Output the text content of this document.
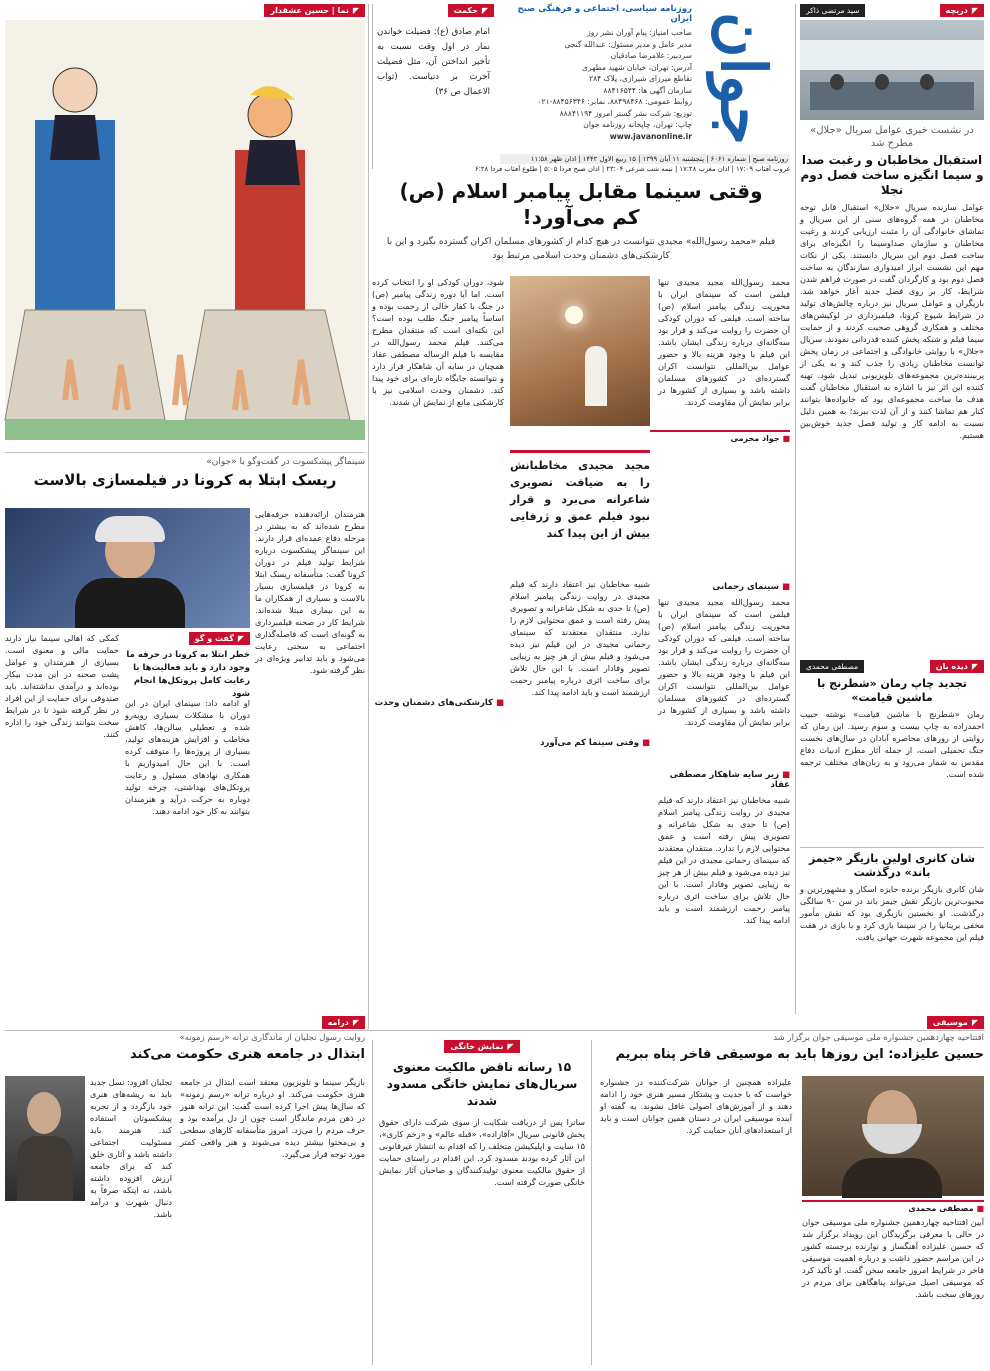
◤
دریچه
سید مرتضی ذاکر
در نشست خبری عوامل سریال «جلال» مطرح شد
استقبال مخاطبان و رغبت صدا و سیما انگیزه ساخت فصل دوم نجلا
عوامل سازنده سریال «جلال» استقبال قابل توجه مخاطبان در همه گروه‌های سنی از این سریال و تماشای خانوادگی آن را مثبت ارزیابی کردند و رغبت مخاطبان و سازمان صداوسیما را انگیزه‌ای برای ساخت فصل دوم این سریال دانستند. یکی از نکات مهم این نشست ابراز امیدواری سازندگان به ساخت فصل دوم بود و کارگردان گفت در صورت فراهم شدن شرایط، کار بر روی فصل جدید آغاز خواهد شد. بازیگران و عوامل سریال نیز درباره چالش‌های تولید در شرایط شیوع کرونا، فیلمبرداری در لوکیشن‌های مختلف و همکاری گروهی صحبت کردند و از حمایت سیما فیلم و شبکه پخش کننده قدردانی نمودند. سریال «جلال» با روایتی خانوادگی و اجتماعی در زمان پخش توانست مخاطبان زیادی را جذب کند و به یکی از پربیننده‌ترین مجموعه‌های تلویزیونی تبدیل شود. تهیه کننده این اثر نیز با اشاره به استقبال مخاطبان گفت هدف ما ساخت مجموعه‌ای بود که خانواده‌ها بتوانند کنار هم تماشا کنند و از آن لذت ببرند؛ به همین دلیل نسبت به ادامه کار و تولید فصل جدید خوش‌بین هستیم.
◤
دیده بان
مصطفی محمدی
تجدید چاپ رمان «شطرنج با ماشین قیامت»
رمان «شطرنج با ماشین قیامت» نوشته حبیب احمدزاده به چاپ بیست و سوم رسید. این رمان که روایتی از روزهای محاصره آبادان در سال‌های نخست جنگ تحمیلی است، از جمله آثار مطرح ادبیات دفاع مقدس به شمار می‌رود و به زبان‌های مختلف ترجمه شده است.
شان کانری اولین بازیگر «جیمز باند» درگذشت
شان کانری بازیگر برنده جایزه اسکار و مشهورترین و محبوب‌ترین بازیگر نقش جیمز باند در سن ۹۰ سالگی درگذشت. او نخستین بازیگری بود که نقش مأمور مخفی بریتانیا را در سینما بازی کرد و با بازی در هفت فیلم این مجموعه شهرت جهانی یافت.
جوان
روزنامه سیاسی، اجتماعی و فرهنگی صبح ایران
صاحب امتیاز: پیام آوران نشر روز
مدیر عامل و مدیر مسئول: عبدالله گنجی
سردبیر: غلامرضا صادقیان
آدرس: تهران، خیابان شهید مطهری
تقاطع میرزای شیرازی، پلاک ۲۸۴
سازمان آگهی ها: ۸۸۴۱۶۵۴۴
روابط عمومی: ۸۸۴۹۸۴۶۸، نمابر: ۸۸۴۵۶۳۴۶-۰۲۱
توزیع: شرکت نشر گستر امروز ۸۸۸۴۱۱۹۴
چاپ: تهران، چاپخانه روزنامه جوان
www.javanonline.ir
روزنامه صبح | شماره ۶۰۶۱ | پنجشنبه ۱۱ آبان ۱۳۹۹ | ۱۵ ربیع الاول ۱۴۴۲ | اذان ظهر ۱۱:۵۸
غروب آفتاب ۱۷:۰۹ | اذان مغرب ۱۷:۲۸ | نیمه شب شرعی ۲۳:۰۴ | اذان صبح فردا ۵:۰۵ | طلوع آفتاب فردا ۶:۲۸
◤
حکمت
امام صادق (ع): فضیلت خواندن نماز در اول وقت نسبت به تأخیر انداختن آن، مثل فضیلت آخرت بر دنیاست. (ثواب الاعمال ص ۳۶)
◤
نما | حسین عشقدار
وقتی سینما مقابل پیامبر اسلام (ص)
کم می‌آورد!
فیلم «محمد رسول‌الله» مجیدی نتوانست در هیچ کدام از کشورهای مسلمان اکران گسترده بگیرد و این با کارشکنی‌های دشمنان وحدت اسلامی مرتبط بود
شود، دوران کودکی او را انتخاب کرده است. اما آیا دوره زندگی پیامبر (ص) در جنگ با کفار خالی از رحمت بوده و اساساً پیامبر جنگ طلب بوده است؟ این نکته‌ای است که منتقدان مطرح می‌کنند. فیلم محمد رسول‌الله در مقایسه با فیلم الرساله مصطفی عقاد همچنان در سایه آن شاهکار قرار دارد و نتوانسته جایگاه تازه‌ای برای خود پیدا کند. دشمنان وحدت اسلامی نیز با کارشکنی مانع از نمایش آن شدند.
محمد رسول‌الله مجید مجیدی تنها فیلمی است که سینمای ایران با محوریت زندگی پیامبر اسلام (ص) ساخته است. فیلمی که دوران کودکی آن حضرت را روایت می‌کند و قرار بود سه‌گانه‌ای درباره زندگی ایشان باشد. این فیلم با وجود هزینه بالا و حضور عوامل بین‌المللی نتوانست اکران گسترده‌ای در کشورهای مسلمان داشته باشد و بسیاری از کشورها در برابر نمایش آن مقاومت کردند.
■ جواد محرمی
مجید مجیدی مخاطبانش را به ضیافت تصویری شاعرانه می‌برد و قرار نبود فیلم عمق و ژرفایی بیش از این پیدا کند
شبیه مخاطبان نیز اعتقاد دارند که فیلم مجیدی در روایت زندگی پیامبر اسلام (ص) تا حدی به شکل شاعرانه و تصویری پیش رفته است و عمق محتوایی لازم را ندارد. منتقدان معتقدند که سینمای رحمانی مجیدی در این فیلم نیز دیده می‌شود و فیلم بیش از هر چیز به زیبایی تصویر وفادار است. با این حال تلاش برای ساخت اثری درباره پیامبر رحمت ارزشمند است و باید ادامه پیدا کند.
■ سینمای رحمانی
محمد رسول‌الله مجید مجیدی تنها فیلمی است که سینمای ایران با محوریت زندگی پیامبر اسلام (ص) ساخته است. فیلمی که دوران کودکی آن حضرت را روایت می‌کند و قرار بود سه‌گانه‌ای درباره زندگی ایشان باشد. این فیلم با وجود هزینه بالا و حضور عوامل بین‌المللی نتوانست اکران گسترده‌ای در کشورهای مسلمان داشته باشد و بسیاری از کشورها در برابر نمایش آن مقاومت کردند.
■ زیر سایه شاهکار مصطفی عقاد
شبیه مخاطبان نیز اعتقاد دارند که فیلم مجیدی در روایت زندگی پیامبر اسلام (ص) تا حدی به شکل شاعرانه و تصویری پیش رفته است و عمق محتوایی لازم را ندارد. منتقدان معتقدند که سینمای رحمانی مجیدی در این فیلم نیز دیده می‌شود و فیلم بیش از هر چیز به زیبایی تصویر وفادار است. با این حال تلاش برای ساخت اثری درباره پیامبر رحمت ارزشمند است و باید ادامه پیدا کند.
■ کارشکنی‌های دشمنان وحدت
■ وقتی سینما کم می‌آورد
سینماگر پیشکسوت در گفت‌وگو با «جوان»
ریسک ابتلا به کرونا در فیلمسازی بالاست
هنرمندان ارائه‌دهنده حرفه‌هایی مطرح شده‌اند که به بیشتر در مرحله دفاع عمده‌ای قرار دارند. این سینماگر پیشکسوت درباره شرایط تولید فیلم در دوران کرونا گفت: متأسفانه ریسک ابتلا به کرونا در فیلمسازی بسیار بالاست و بسیاری از همکاران ما به این بیماری مبتلا شده‌اند. شرایط کار در صحنه فیلمبرداری به گونه‌ای است که فاصله‌گذاری اجتماعی به سختی رعایت می‌شود و باید تدابیر ویژه‌ای در نظر گرفته شود.
◤
گفت و گو
خطر ابتلا به کرونا در حرفه ما وجود دارد و باید فعالیت‌ها با رعایت کامل پروتکل‌ها انجام شود
او ادامه داد: سینمای ایران در این دوران با مشکلات بسیاری روبه‌رو شده و تعطیلی سالن‌ها، کاهش مخاطب و افزایش هزینه‌های تولید، بسیاری از پروژه‌ها را متوقف کرده است. با این حال امیدواریم با همکاری نهادهای مسئول و رعایت پروتکل‌های بهداشتی، چرخه تولید دوباره به حرکت درآید و هنرمندان بتوانند به کار خود ادامه دهند.
کمکی که اهالی سینما نیاز دارند حمایت مالی و معنوی است. بسیاری از هنرمندان و عوامل پشت صحنه در این مدت بیکار بوده‌اند و درآمدی نداشته‌اند. باید صندوقی برای حمایت از این افراد در نظر گرفته شود تا در شرایط سخت بتوانند زندگی خود را اداره کنند.
◤
موسیقی
افتتاحیه چهاردهمین جشنواره ملی موسیقی جوان برگزار شد
حسین علیزاده: این روزها باید به موسیقی فاخر پناه ببریم
■ مصطفی محمدی
آیین افتتاحیه چهاردهمین جشنواره ملی موسیقی جوان در حالی با معرفی برگزیدگان این رویداد برگزار شد که حسین علیزاده آهنگساز و نوازنده برجسته کشور در این مراسم حضور داشت و درباره اهمیت موسیقی فاخر در شرایط امروز جامعه سخن گفت. او تأکید کرد که موسیقی اصیل می‌تواند پناهگاهی برای مردم در روزهای سخت باشد.
علیزاده همچنین از جوانان شرکت‌کننده در جشنواره خواست که با جدیت و پشتکار مسیر هنری خود را ادامه دهند و از آموزش‌های اصولی غافل نشوند. به گفته او آینده موسیقی ایران در دستان همین جوانان است و باید از استعدادهای آنان حمایت کرد.
◤
نمایش خانگی
۱۵ رسانه ناقض مالکیت معنوی سریال‌های نمایش خانگی مسدود شدند
ساترا پس از دریافت شکایت از سوی شرکت دارای حقوق پخش قانونی سریال «آقازاده»، «قبله عالم» و «زخم کاری»، ۱۵ سایت و اپلیکیشن متخلف را که اقدام به انتشار غیرقانونی این آثار کرده بودند مسدود کرد. این اقدام در راستای حمایت از حقوق مالکیت معنوی تولیدکنندگان و صاحبان آثار نمایش خانگی صورت گرفته است.
◤
درامه
روایت رسول تجلیان از ماندگاری ترانه «رسم زمونه»
ابتذال در جامعه هنری حکومت می‌کند
بازیگر سینما و تلویزیون معتقد است ابتذال در جامعه هنری حکومت می‌کند. او درباره ترانه «رسم زمونه» که سال‌ها پیش اجرا کرده است گفت: این ترانه هنوز در ذهن مردم ماندگار است چون از دل برآمده بود و حرف مردم را می‌زد. امروز متأسفانه کارهای سطحی و بی‌محتوا بیشتر دیده می‌شوند و هنر واقعی کمتر مورد توجه قرار می‌گیرد.
تجلیان افزود: نسل جدید باید به ریشه‌های هنری خود بازگردد و از تجربه پیشکسوتان استفاده کند. هنرمند باید مسئولیت اجتماعی داشته باشد و آثاری خلق کند که برای جامعه ارزش افزوده داشته باشد، نه اینکه صرفاً به دنبال شهرت و درآمد باشد.
